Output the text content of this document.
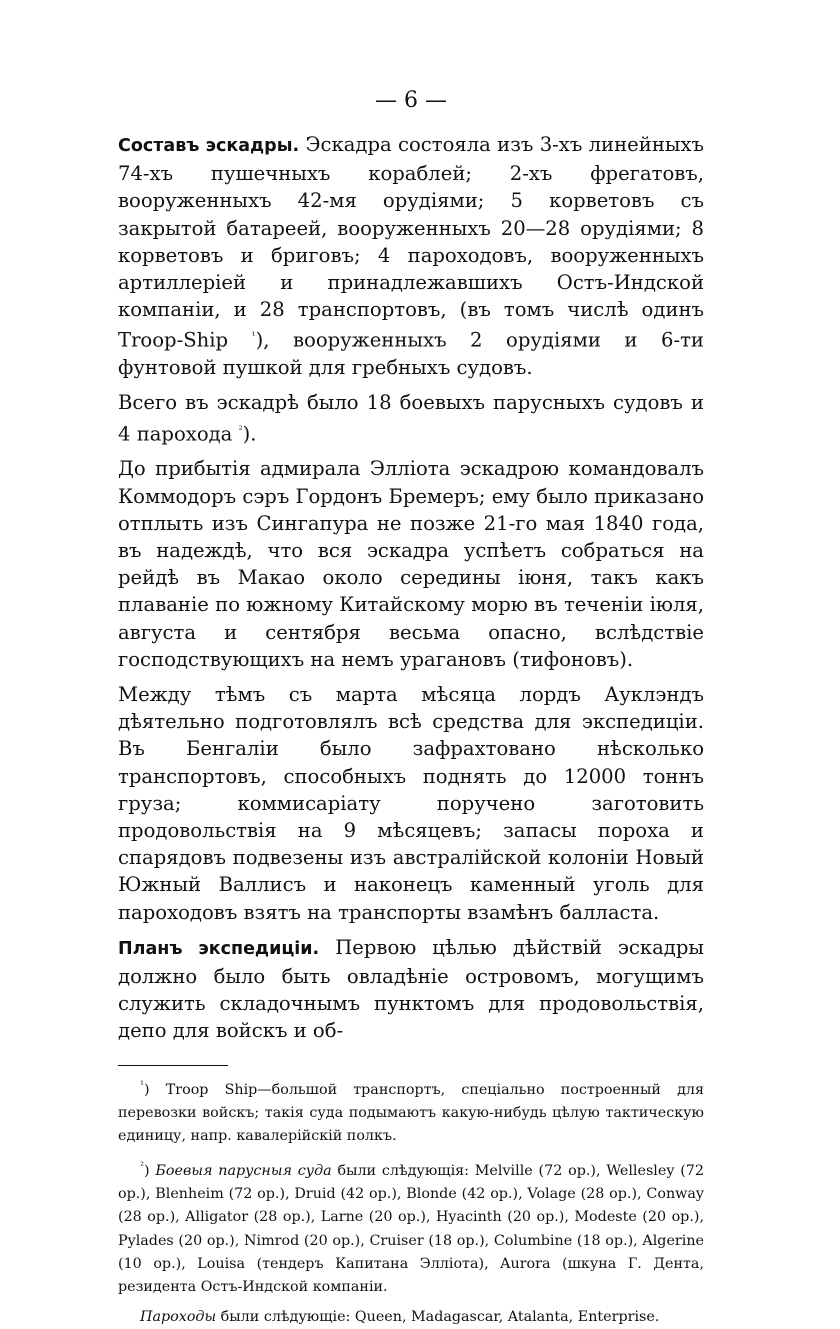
— 6 —

Составъ эскадры. Эскадра состояла изъ 3-хъ линейныхъ 74-хъ пушечныхъ кораблей; 2-хъ фрегатовъ, вооруженныхъ 42-мя орудіями; 5 корветовъ съ закрытой батареей, вооруженныхъ 20—28 орудіями; 8 корветовъ и бриговъ; 4 пароходовъ, вооруженныхъ артиллеріей и принадлежавшихъ Остъ-Индской компаніи, и 28 транспортовъ, (въ томъ числѣ одинъ Troop-Ship $^{^1}$), вооруженныхъ 2 орудіями и 6-ти фунтовой пушкой для гребныхъ судовъ.

Всего въ эскадрѣ было 18 боевыхъ парусныхъ судовъ и 4 парохода $^{^2}$).

До прибытія адмирала Эллiота эскадрою командовалъ Коммодоръ сэръ Гордонъ Бремеръ; ему было приказано отплыть изъ Сингапура не позже 21-го мая 1840 года, въ надеждѣ, что вся эскадра успѣетъ собраться на рейдѣ въ Макао около середины іюня, такъ какъ плаваніе по южному Китайскому морю въ теченіи іюля, августа и сентября весьма опасно, вслѣдствіе господствующихъ на немъ ураганoвъ (тифоновъ).

Между тѣмъ съ марта мѣсяца лордъ Ауклэндъ дѣятельно подготовлялъ всѣ средства для экспедиціи. Въ Бенгаліи было зафрахтовано нѣсколько транспортовъ, способныхъ поднять до 12000 тоннъ груза; коммисаріату поручено заготовить продовольствія на 9 мѣсяцевъ; запасы пороха и спарядовъ подвезены изъ австралійской колоніи Новый Южный Валлисъ и наконецъ каменный уголь для пароходовъ взятъ на транспорты взамѣнъ балласта.

Планъ экспедиціи. Первою цѣлью дѣйствій эскадры должно было быть овладѣніе островомъ, могущимъ служить складочнымъ пунктомъ для продовольствія, депо для войскъ и об-

$^{^1}$) Troop Ship—большой транспортъ, спеціально построенный для перевозки войскъ; такія суда подымаютъ какую-нибудь цѣлую тактическую единицу, напр. кавалерійскій полкъ.

$^{^2}$) Боевыя парусныя суда были слѣдующія: Melville (72 ор.), Wellesley (72 ор.), Blenheim (72 ор.), Druid (42 ор.), Blonde (42 ор.), Volage (28 ор.), Conway (28 ор.), Alligator (28 ор.), Larne (20 ор.), Hyacinth (20 ор.), Modeste (20 ор.), Pylades (20 ор.), Nimrod (20 ор.), Cruiser (18 ор.), Columbine (18 ор.), Algerine (10 ор.), Louisa (тендеръ Капитана Эллiота), Aurora (шкуна Г. Дента, резидента Остъ-Индской компаніи.

Пароходы были слѣдующіе: Queen, Madagascar, Atalanta, Enterprise.
